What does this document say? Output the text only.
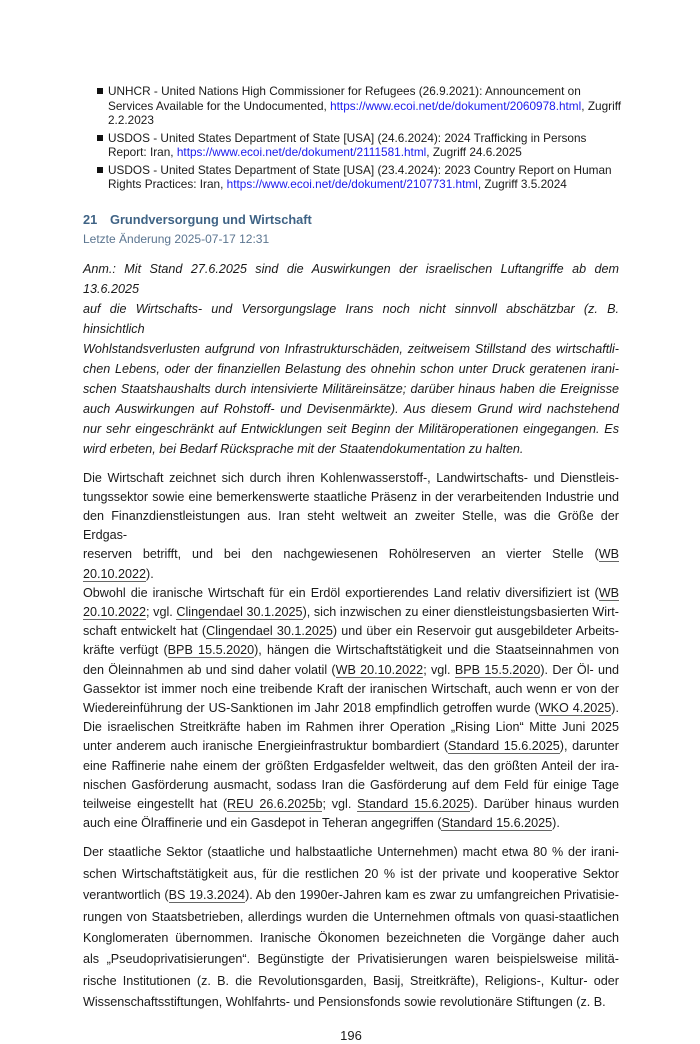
UNHCR - United Nations High Commissioner for Refugees (26.9.2021): Announcement on Services Available for the Undocumented, https://www.ecoi.net/de/dokument/2060978.html, Zugriff 2.2.2023
USDOS - United States Department of State [USA] (24.6.2024): 2024 Trafficking in Persons Report: Iran, https://www.ecoi.net/de/dokument/2111581.html, Zugriff 24.6.2025
USDOS - United States Department of State [USA] (23.4.2024): 2023 Country Report on Human Rights Practices: Iran, https://www.ecoi.net/de/dokument/2107731.html, Zugriff 3.5.2024
21 Grundversorgung und Wirtschaft
Letzte Änderung 2025-07-17 12:31
Anm.: Mit Stand 27.6.2025 sind die Auswirkungen der israelischen Luftangriffe ab dem 13.6.2025
auf die Wirtschafts- und Versorgungslage Irans noch nicht sinnvoll abschätzbar (z. B. hinsichtlich
Wohlstandsverlusten aufgrund von Infrastrukturschäden, zeitweisem Stillstand des wirtschaftli-
chen Lebens, oder der finanziellen Belastung des ohnehin schon unter Druck geratenen irani-
schen Staatshaushalts durch intensivierte Militäreinsätze; darüber hinaus haben die Ereignisse
auch Auswirkungen auf Rohstoff- und Devisenmärkte). Aus diesem Grund wird nachstehend
nur sehr eingeschränkt auf Entwicklungen seit Beginn der Militäroperationen eingegangen. Es
wird erbeten, bei Bedarf Rücksprache mit der Staatendokumentation zu halten.
Die Wirtschaft zeichnet sich durch ihren Kohlenwasserstoff-, Landwirtschafts- und Dienstleis-
tungssektor sowie eine bemerkenswerte staatliche Präsenz in der verarbeitenden Industrie und
den Finanzdienstleistungen aus. Iran steht weltweit an zweiter Stelle, was die Größe der Erdgas-
reserven betrifft, und bei den nachgewiesenen Rohölreserven an vierter Stelle (WB 20.10.2022).
Obwohl die iranische Wirtschaft für ein Erdöl exportierendes Land relativ diversifiziert ist (WB
20.10.2022; vgl. Clingendael 30.1.2025), sich inzwischen zu einer dienstleistungsbasierten Wirt-
schaft entwickelt hat (Clingendael 30.1.2025) und über ein Reservoir gut ausgebildeter Arbeits-
kräfte verfügt (BPB 15.5.2020), hängen die Wirtschaftstätigkeit und die Staatseinnahmen von
den Öleinnahmen ab und sind daher volatil (WB 20.10.2022; vgl. BPB 15.5.2020). Der Öl- und
Gassektor ist immer noch eine treibende Kraft der iranischen Wirtschaft, auch wenn er von der
Wiedereinführung der US-Sanktionen im Jahr 2018 empfindlich getroffen wurde (WKO 4.2025).
Die israelischen Streitkräfte haben im Rahmen ihrer Operation „Rising Lion“ Mitte Juni 2025
unter anderem auch iranische Energieinfrastruktur bombardiert (Standard 15.6.2025), darunter
eine Raffinerie nahe einem der größten Erdgasfelder weltweit, das den größten Anteil der ira-
nischen Gasförderung ausmacht, sodass Iran die Gasförderung auf dem Feld für einige Tage
teilweise eingestellt hat (REU 26.6.2025b; vgl. Standard 15.6.2025). Darüber hinaus wurden
auch eine Ölraffinerie und ein Gasdepot in Teheran angegriffen (Standard 15.6.2025).
Der staatliche Sektor (staatliche und halbstaatliche Unternehmen) macht etwa 80 % der irani-
schen Wirtschaftstätigkeit aus, für die restlichen 20 % ist der private und kooperative Sektor
verantwortlich (BS 19.3.2024). Ab den 1990er-Jahren kam es zwar zu umfangreichen Privatisie-
rungen von Staatsbetrieben, allerdings wurden die Unternehmen oftmals von quasi-staatlichen
Konglomeraten übernommen. Iranische Ökonomen bezeichneten die Vorgänge daher auch
als „Pseudoprivatisierungen“. Begünstigte der Privatisierungen waren beispielsweise militä-
rische Institutionen (z. B. die Revolutionsgarden, Basij, Streitkräfte), Religions-, Kultur- oder
Wissenschaftsstiftungen, Wohlfahrts- und Pensionsfonds sowie revolutionäre Stiftungen (z. B.
196
